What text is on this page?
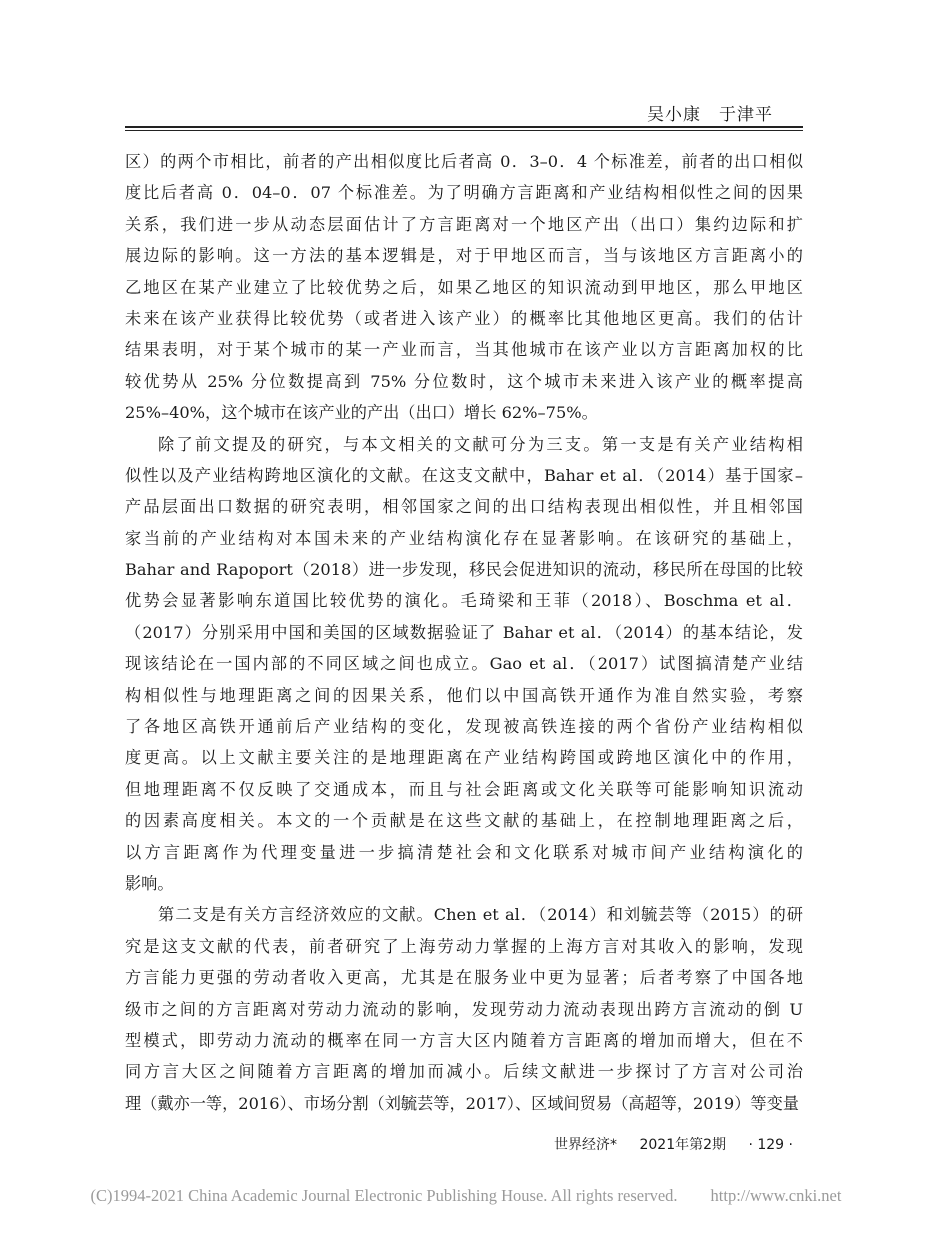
吴小康　于津平
区）的两个市相比，前者的产出相似度比后者高 0．3–0．4 个标准差，前者的出口相似
度比后者高 0．04–0．07 个标准差。为了明确方言距离和产业结构相似性之间的因果
关系，我们进一步从动态层面估计了方言距离对一个地区产出（出口）集约边际和扩
展边际的影响。这一方法的基本逻辑是，对于甲地区而言，当与该地区方言距离小的
乙地区在某产业建立了比较优势之后，如果乙地区的知识流动到甲地区，那么甲地区
未来在该产业获得比较优势（或者进入该产业）的概率比其他地区更高。我们的估计
结果表明，对于某个城市的某一产业而言，当其他城市在该产业以方言距离加权的比
较优势从 25% 分位数提高到 75% 分位数时，这个城市未来进入该产业的概率提高
25%–40%，这个城市在该产业的产出（出口）增长 62%–75%。
除了前文提及的研究，与本文相关的文献可分为三支。第一支是有关产业结构相
似性以及产业结构跨地区演化的文献。在这支文献中，Bahar et al．（2014）基于国家–
产品层面出口数据的研究表明，相邻国家之间的出口结构表现出相似性，并且相邻国
家当前的产业结构对本国未来的产业结构演化存在显著影响。在该研究的基础上，
Bahar and Rapoport（2018）进一步发现，移民会促进知识的流动，移民所在母国的比较
优势会显著影响东道国比较优势的演化。毛琦梁和王菲（2018）、Boschma et al．
（2017）分别采用中国和美国的区域数据验证了 Bahar et al．（2014）的基本结论，发
现该结论在一国内部的不同区域之间也成立。Gao et al．（2017）试图搞清楚产业结
构相似性与地理距离之间的因果关系，他们以中国高铁开通作为准自然实验，考察
了各地区高铁开通前后产业结构的变化，发现被高铁连接的两个省份产业结构相似
度更高。以上文献主要关注的是地理距离在产业结构跨国或跨地区演化中的作用，
但地理距离不仅反映了交通成本，而且与社会距离或文化关联等可能影响知识流动
的因素高度相关。本文的一个贡献是在这些文献的基础上，在控制地理距离之后，
以方言距离作为代理变量进一步搞清楚社会和文化联系对城市间产业结构演化的
影响。
第二支是有关方言经济效应的文献。Chen et al．（2014）和刘毓芸等（2015）的研
究是这支文献的代表，前者研究了上海劳动力掌握的上海方言对其收入的影响，发现
方言能力更强的劳动者收入更高，尤其是在服务业中更为显著；后者考察了中国各地
级市之间的方言距离对劳动力流动的影响，发现劳动力流动表现出跨方言流动的倒 U
型模式，即劳动力流动的概率在同一方言大区内随着方言距离的增加而增大，但在不
同方言大区之间随着方言距离的增加而减小。后续文献进一步探讨了方言对公司治
理（戴亦一等，2016）、市场分割（刘毓芸等，2017）、区域间贸易（高超等，2019）等变量
世界经济* 2021年第2期 · 129 ·
(C)1994-2021 China Academic Journal Electronic Publishing House. All rights reserved.　　http://www.cnki.net
